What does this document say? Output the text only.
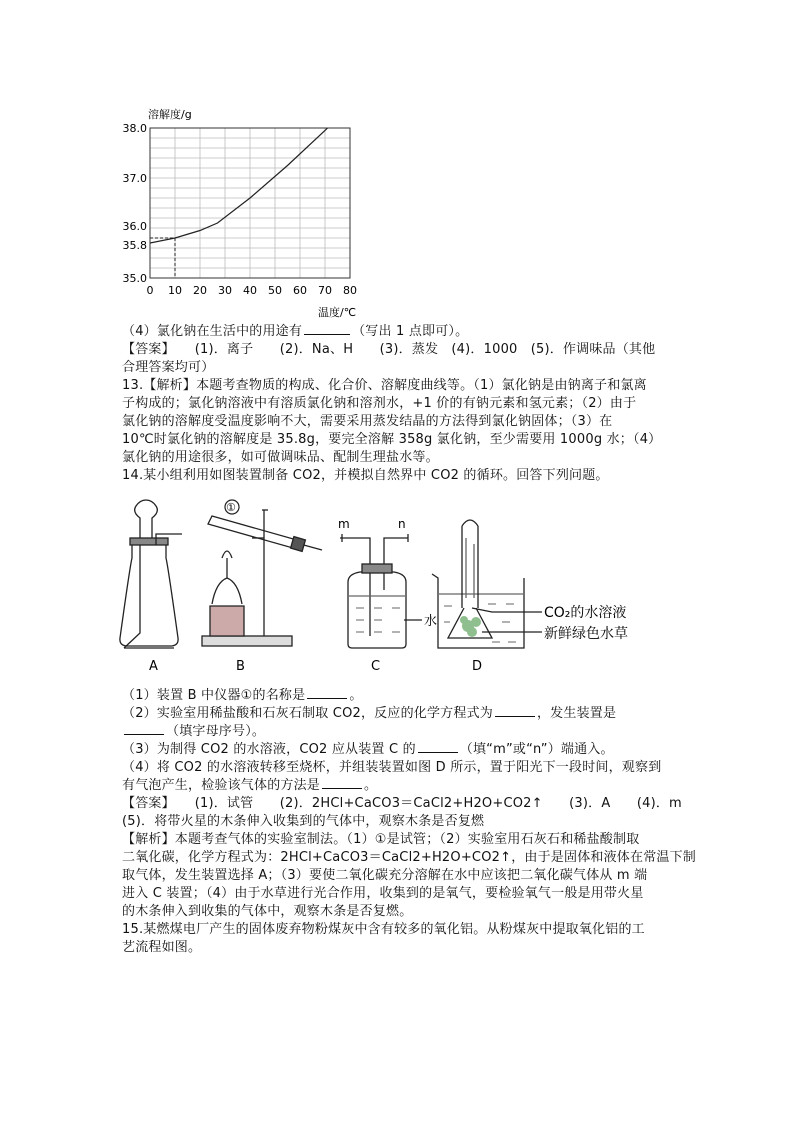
溶解度/g
0 10 20 30 40 50 60 70 80
35.0
35.8
36.0
37.0
38.0
温度/℃
（4）氯化钠在生活中的用途有	（写出 1 点即可）。
【答案】　　(1)．离子　　(2)．Na、H　　(3)．蒸发　(4)．1000　(5)．作调味品（其他
合理答案均可）
13.【解析】本题考查物质的构成、化合价、溶解度曲线等。（1）氯化钠是由钠离子和氯离
子构成的；氯化钠溶液中有溶质氯化钠和溶剂水，+1 价的有钠元素和氢元素；（2）由于
氯化钠的溶解度受温度影响不大，需要采用蒸发结晶的方法得到氯化钠固体；（3）在
10℃时氯化钠的溶解度是 35.8g，要完全溶解 358g 氯化钠，至少需要用 1000g 水；（4）
氯化钠的用途很多，如可做调味品、配制生理盐水等。
14.某小组利用如图装置制备 CO2，并模拟自然界中 CO2 的循环。回答下列问题。
A
①
B
m	n
水
C
CO₂的水溶液
新鲜绿色水草
D
（1）装置 B 中仪器①的名称是	。
（2）实验室用稀盐酸和石灰石制取 CO2，反应的化学方程式为	，发生装置是
（填字母序号）。
（3）为制得 CO2 的水溶液，CO2 应从装置 C 的	（填“m”或“n”）端通入。
（4）将 CO2 的水溶液转移至烧杯，并组装装置如图 D 所示，置于阳光下一段时间，观察到
有气泡产生，检验该气体的方法是	。
【答案】　　(1)．试管　　(2)．2HCl+CaCO3＝CaCl2+H2O+CO2↑　　(3)．A　　(4)．m
(5)．将带火星的木条伸入收集到的气体中，观察木条是否复燃
【解析】本题考查气体的实验室制法。（1）①是试管；（2）实验室用石灰石和稀盐酸制取
二氧化碳，化学方程式为：2HCl+CaCO3＝CaCl2+H2O+CO2↑，由于是固体和液体在常温下制
取气体，发生装置选择 A；（3）要使二氧化碳充分溶解在水中应该把二氧化碳气体从 m 端
进入 C 装置；（4）由于水草进行光合作用，收集到的是氧气，要检验氧气一般是用带火星
的木条伸入到收集的气体中，观察木条是否复燃。
15.某燃煤电厂产生的固体废弃物粉煤灰中含有较多的氧化铝。从粉煤灰中提取氧化铝的工
艺流程如图。
